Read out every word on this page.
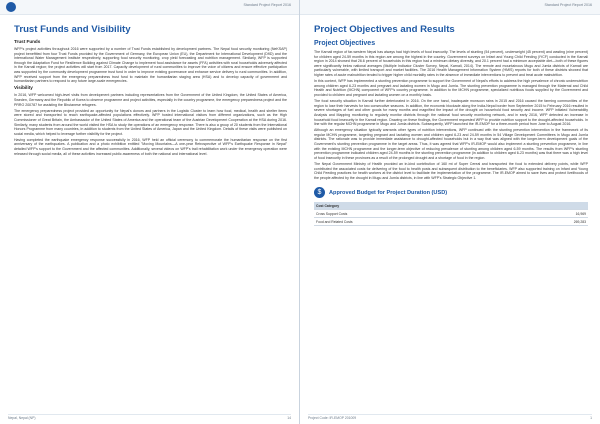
Standard Project Report 2016
Trust Funds and Visibility
Trust Funds

WFP's project activities throughout 2016 were supported by a number of Trust Funds established by development partners. The Nepal food security monitoring (NeKSAP) project benefitted from four Trust Funds provided by the Government of Germany, the European Union (EU), the Department for International Development (DfID) and the International Water Management Institute respectively, supporting food security monitoring, crop yield forecasting and nutrition management. Similarly, WFP is supported through the Adaptation Fund for Resilience Building against Climate Change to implement food assistance for assets (FFA) activities with rural households adversely affected in the Karnali region; the project activities will start from 2017. Capacity development of rural communities to improve the voice of citizens and ensure effective participation was supported by the community development programme trust fund in order to improve existing governance and enhance service delivery to rural communities. In addition, WFP received support from the emergency preparedness trust fund to maintain the humanitarian staging area (HSA) and to develop capacity of government and humanitarian partners to respond to any future large-scale emergencies.

Visibility

In 2016, WFP welcomed high-level visits from development partners including representatives from the Government of the United Kingdom, the United States of America, Sweden, Germany and the Republic of Korea to observe programme and project activities, especially in the country programme, the emergency preparedness project and the PRRO 200787 for assisting the Bhutanese refugees.

The emergency preparedness project provided an opportunity for Nepal's donors and partners in the Logistic Cluster to learn how food, medical, health and shelter items were stored and transported to reach earthquake-affected populations effectively. WFP hosted international visitors from different organizations, such as the High Commissioner of Great Britain, the Ambassador of the United States of America and the operational team of the Austrian Development Cooperation at the HSA during 2016. Similarly, many students from around the world visited the HSA to study the operations of an emergency response. There is also a group of 20 students from the International Honors Programme from many countries, in addition to students from the United States of America, Japan and the United Kingdom. Details of these visits were published on social media, which helped to leverage further visibility for the project.

Having completed the earthquake emergency response successfully in 2016, WFP held an official ceremony to commemorate the humanitarian response on the first anniversary of the earthquakes. A publication and a photo exhibition entitled "Moving Mountains—A one-year Retrospective of WFP's Earthquake Response in Nepal" detailed WFP's support to the Government and the affected communities. Additionally, several videos on WFP's trail rehabilitation work under the emergency operation were released through social media, all of these activities increased public awareness of both the national and international level.

Nepal, Nepal (NP)	14
Standard Project Report 2016
Project Objectives and Results
Project Objectives

The Karnali region of far-western Nepal has always had high levels of food insecurity. The levels of stunting (54 percent), underweight (45 percent) and wasting (nine percent) for children aged 24-59 months in this region are among the highest in the country. Government surveys on Infant and Young Child Feeding (IYCF) conducted in the Karnali region in 2014 showed that 26.6 percent of households in this region had a minimum dietary diversity, and 20.1 percent had a minimum acceptable diet—both of these figures were significantly below national averages (Multiple Indicator Cluster Survey, Nepal, Karnali, 2014). The remote and mountainous Mugu and Jumla districts of Karnali are particularly vulnerable, with limited transport and market facilities. The 2016 Health Management Information System (HMIS) reports for both of these districts showed that higher rates of acute malnutrition tended to trigger higher child mortality rates in the absence of immediate interventions to prevent and treat acute malnutrition.

In this context, WFP has implemented a stunting prevention programme to support the Government of Nepal's efforts to address the high prevalence of chronic undernutrition among children aged 6-23 months and pregnant and lactating women in Mugu and Jumla. The stunting prevention programme is managed through the Maternal and Child Health and Nutrition (MCHN) component of WFP's country programme. In addition to the MCHN programme, specialized nutritious foods supplied by the Government and provided to children and pregnant and lactating women on a monthly basis.

The food security situation in Karnali further deteriorated in 2016. On the one hand, inadequate monsoon rains in 2015 and 2016 caused the farming communities of the region to lose their harvests for two consecutive seasons. In addition, the economic blockade along the India-Nepal border from September 2015 to February 2016 resulted in severe shortages of fuel and other goods for many months and magnified the impact of the drought on household food security and income. WFP initiated Vulnerability Analysis and Mapping monitoring to regularly monitor districts through the national food security monitoring network, and in early 2016, WFP detected an increase in household food insecurity in the Karnali region. Drawing on these findings, the Government requested WFP to provide nutrition support to the drought-affected households. In line with the regular MCHN programme in Mugu and Jumla districts. Subsequently, WFP launched the IR-EMOP for a three-month period from June to August 2016.

Although an emergency situation typically warrants other types of nutrition interventions, WFP continued with the stunting prevention intervention in the framework of its regular MCHN programme, targeting pregnant and lactating women and children aged 6-23 and 24-59 months in 54 Village Development Committees in Mugu and Jumla districts. The rationale was to provide immediate assistance to drought-affected households but in a way that was aligned with the longer-term development goals of the Government's stunting prevention programme in the target areas. Thus, it was agreed that WFP's IR-EMOP would also implement a stunting prevention programme, in line with the existing MCHN programme and the longer-term objective of reducing prevalence of stunting among children aged 6-59 months. The results from WFP's stunting prevention programme indicated children aged 24-59 months in the stunting prevention programme (in addition to children aged 6-23 months) was that there was a high level of food insecurity in these provinces as a result of the prolonged drought and a shortage of food in the region.

The Nepal Government Ministry of Health provided an in-kind contribution of 160 mt of Super Cereal and transported the food to extended delivery points, while WFP contributed the associated costs for delivering of the food to health posts and subsequent distribution to the beneficiaries. WFP also supported training on Infant and Young Child Feeding practices for health workers at the district level to facilitate the implementation of the programme. The IR-EMOP aimed to save lives and protect livelihoods of the people affected by the drought in Mugu and Jumla districts, in line with WFP's Strategic Objective 1.

$	Approved Budget for Project Duration (USD)
Cost Category	
Cross Support Costs	16,969
Food and Related Costs	269,283
Project Code: IR-EMOP 201009	1
